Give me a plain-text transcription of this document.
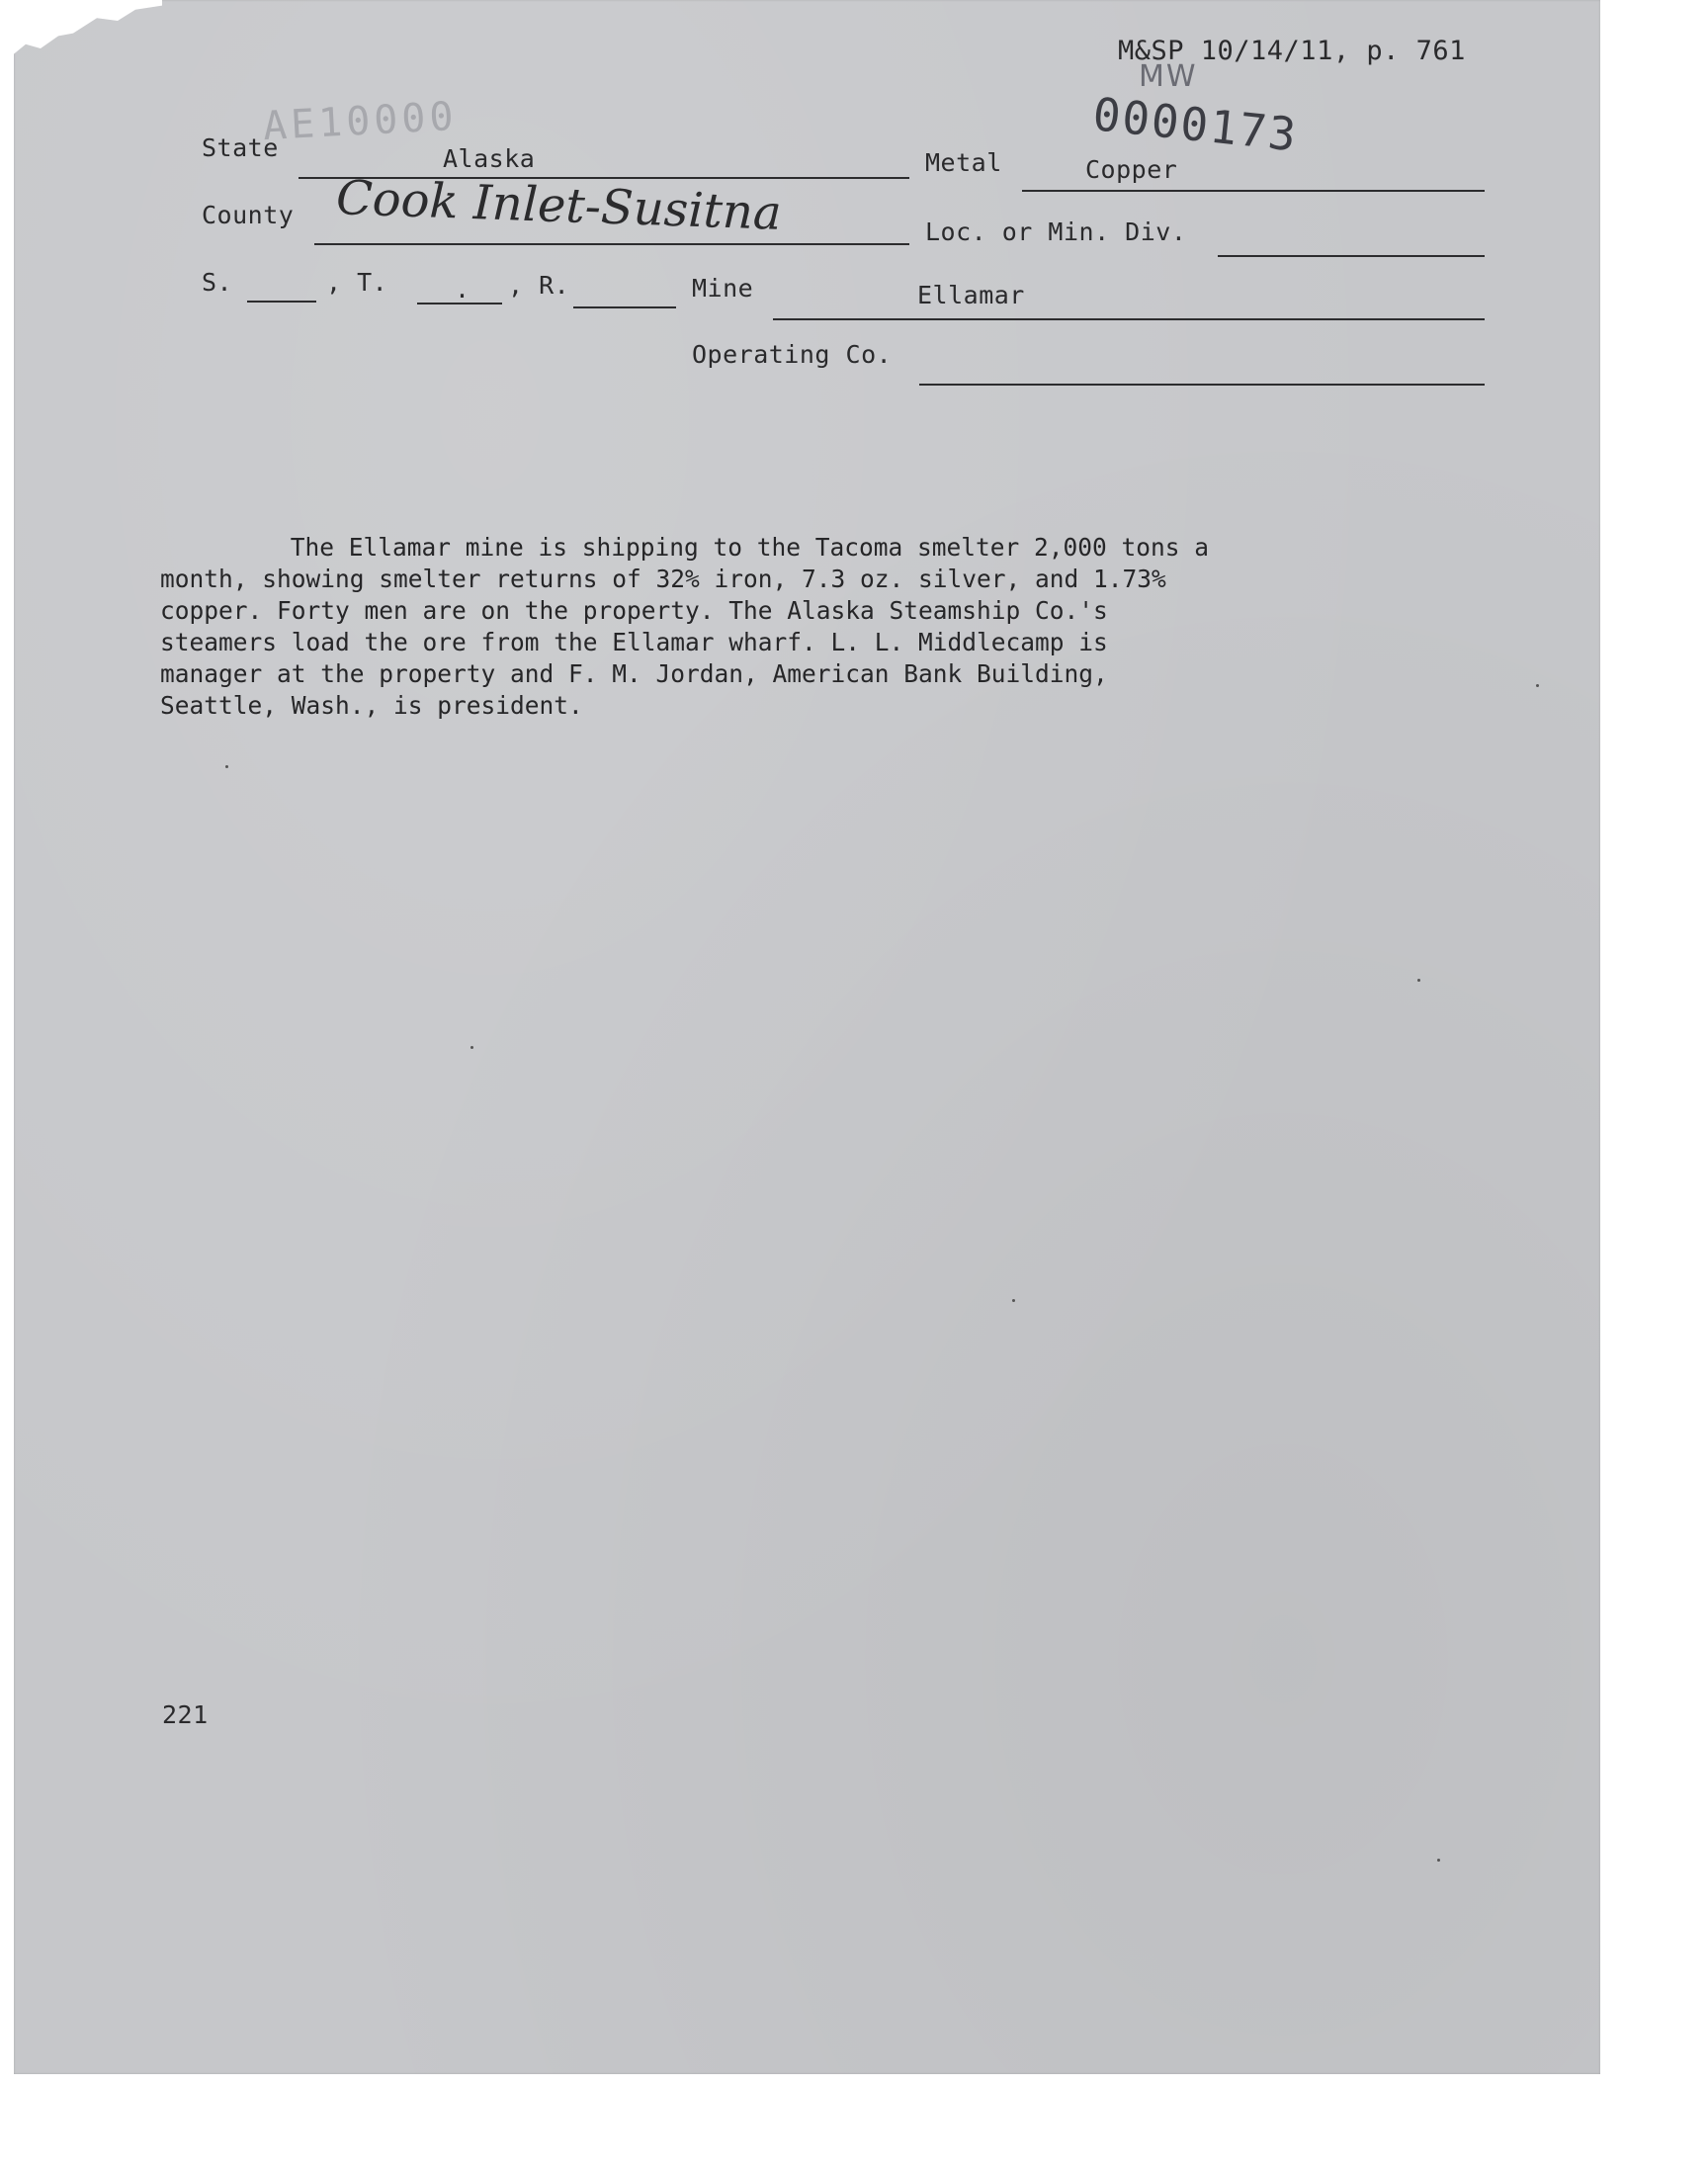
M&SP 10/14/11, p. 761
MW
0000173
AE10000
State	Alaska	Metal	Copper
County Cook Inlet-Susitna	Loc. or Min. Div.
S.	, T.	. , R.	Mine	Ellamar
Operating Co.
The Ellamar mine is shipping to the Tacoma smelter 2,000 tons a
month, showing smelter returns of 32% iron, 7.3 oz. silver, and 1.73%
copper. Forty men are on the property. The Alaska Steamship Co.'s
steamers load the ore from the Ellamar wharf. L. L. Middlecamp is
manager at the property and F. M. Jordan, American Bank Building,
Seattle, Wash., is president.
221
